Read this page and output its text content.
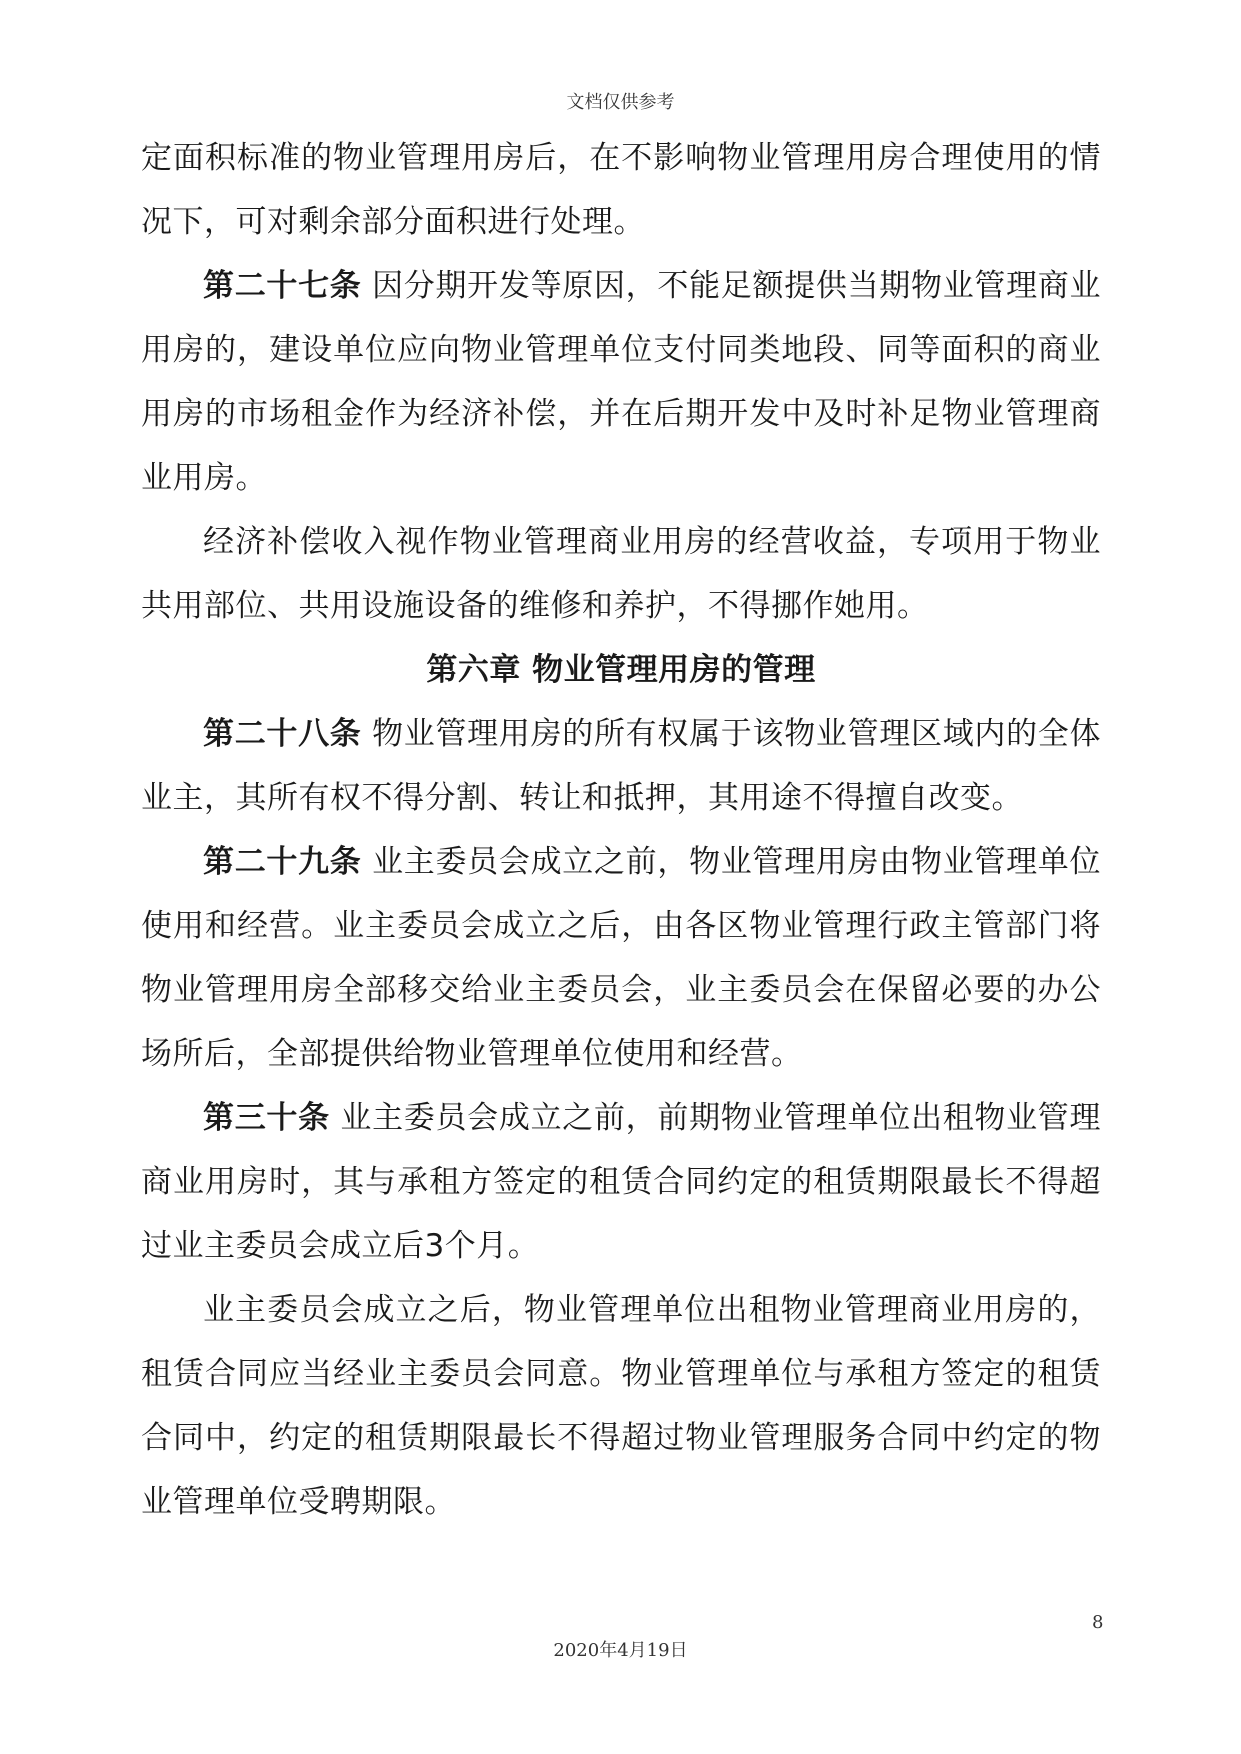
文档仅供参考

定面积标准的物业管理用房后，在不影响物业管理用房合理使用的情况下，可对剩余部分面积进行处理。

第二十七条 因分期开发等原因，不能足额提供当期物业管理商业用房的，建设单位应向物业管理单位支付同类地段、同等面积的商业用房的市场租金作为经济补偿，并在后期开发中及时补足物业管理商业用房。

经济补偿收入视作物业管理商业用房的经营收益，专项用于物业共用部位、共用设施设备的维修和养护，不得挪作她用。

第六章 物业管理用房的管理

第二十八条 物业管理用房的所有权属于该物业管理区域内的全体业主，其所有权不得分割、转让和抵押，其用途不得擅自改变。

第二十九条 业主委员会成立之前，物业管理用房由物业管理单位使用和经营。业主委员会成立之后，由各区物业管理行政主管部门将物业管理用房全部移交给业主委员会，业主委员会在保留必要的办公场所后，全部提供给物业管理单位使用和经营。

第三十条 业主委员会成立之前，前期物业管理单位出租物业管理商业用房时，其与承租方签定的租赁合同约定的租赁期限最长不得超过业主委员会成立后3个月。

业主委员会成立之后，物业管理单位出租物业管理商业用房的，租赁合同应当经业主委员会同意。物业管理单位与承租方签定的租赁合同中，约定的租赁期限最长不得超过物业管理服务合同中约定的物业管理单位受聘期限。

8
2020年4月19日
